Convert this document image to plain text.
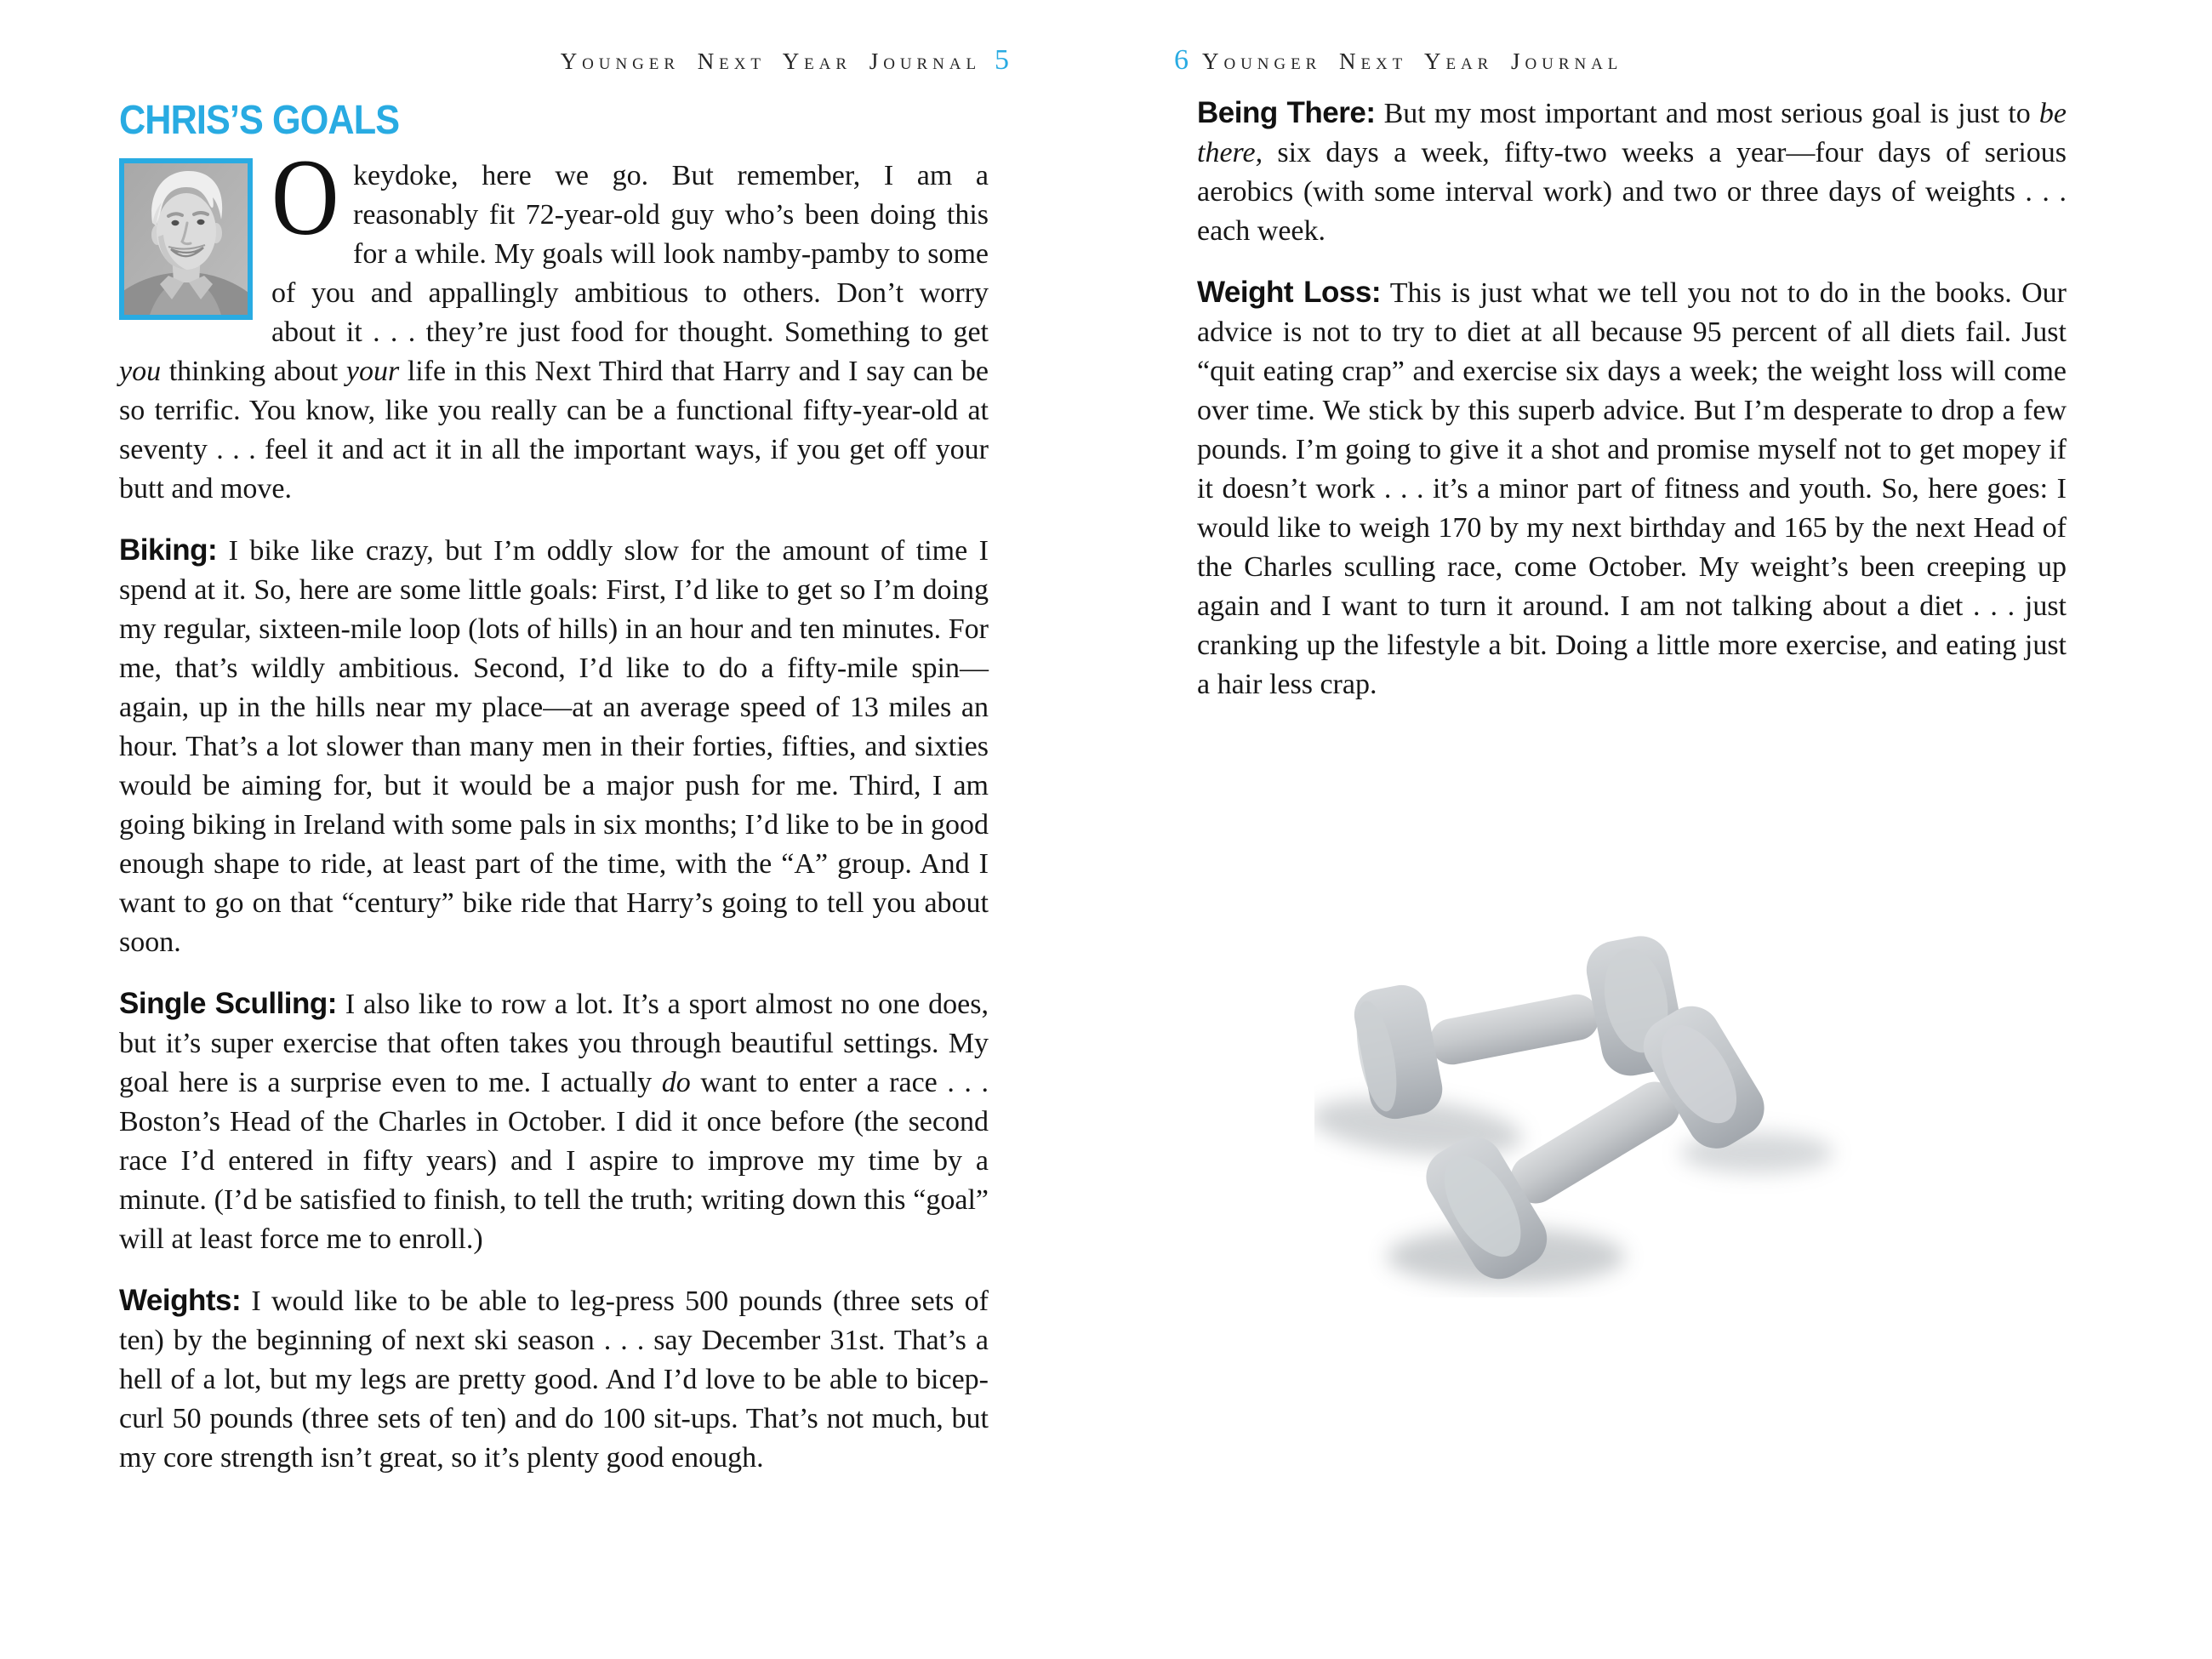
Younger Next Year Journal 5	6 Younger Next Year Journal
CHRIS’S GOALS

Okeydoke, here we go. But remember, I am a reasonably fit 72-year-old guy who’s been doing this for a while. My goals will look namby-pamby to some of you and appallingly ambitious to others. Don’t worry about it . . . they’re just food for thought. Something to get you thinking about your life in this Next Third that Harry and I say can be so terrific. You know, like you really can be a functional fifty-year-old at seventy . . . feel it and act it in all the important ways, if you get off your butt and move.

Biking: I bike like crazy, but I’m oddly slow for the amount of time I spend at it. So, here are some little goals: First, I’d like to get so I’m doing my regular, sixteen-mile loop (lots of hills) in an hour and ten minutes. For me, that’s wildly ambitious. Second, I’d like to do a fifty-mile spin—again, up in the hills near my place—at an average speed of 13 miles an hour. That’s a lot slower than many men in their forties, fifties, and sixties would be aiming for, but it would be a major push for me. Third, I am going biking in Ireland with some pals in six months; I’d like to be in good enough shape to ride, at least part of the time, with the “A” group. And I want to go on that “century” bike ride that Harry’s going to tell you about soon.

Single Sculling: I also like to row a lot. It’s a sport almost no one does, but it’s super exercise that often takes you through beautiful settings. My goal here is a surprise even to me. I actually do want to enter a race . . . Boston’s Head of the Charles in October. I did it once before (the second race I’d entered in fifty years) and I aspire to improve my time by a minute. (I’d be satisfied to finish, to tell the truth; writing down this “goal” will at least force me to enroll.)

Weights: I would like to be able to leg-press 500 pounds (three sets of ten) by the beginning of next ski season . . . say December 31st. That’s a hell of a lot, but my legs are pretty good. And I’d love to be able to bicep-curl 50 pounds (three sets of ten) and do 100 sit-ups. That’s not much, but my core strength isn’t great, so it’s plenty good enough.

Being There: But my most important and most serious goal is just to be there, six days a week, fifty-two weeks a year—four days of serious aerobics (with some interval work) and two or three days of weights . . . each week.

Weight Loss: This is just what we tell you not to do in the books. Our advice is not to try to diet at all because 95 percent of all diets fail. Just “quit eating crap” and exercise six days a week; the weight loss will come over time. We stick by this superb advice. But I’m desperate to drop a few pounds. I’m going to give it a shot and promise myself not to get mopey if it doesn’t work . . . it’s a minor part of fitness and youth. So, here goes: I would like to weigh 170 by my next birthday and 165 by the next Head of the Charles sculling race, come October. My weight’s been creeping up again and I want to turn it around. I am not talking about a diet . . . just cranking up the lifestyle a bit. Doing a little more exercise, and eating just a hair less crap.
